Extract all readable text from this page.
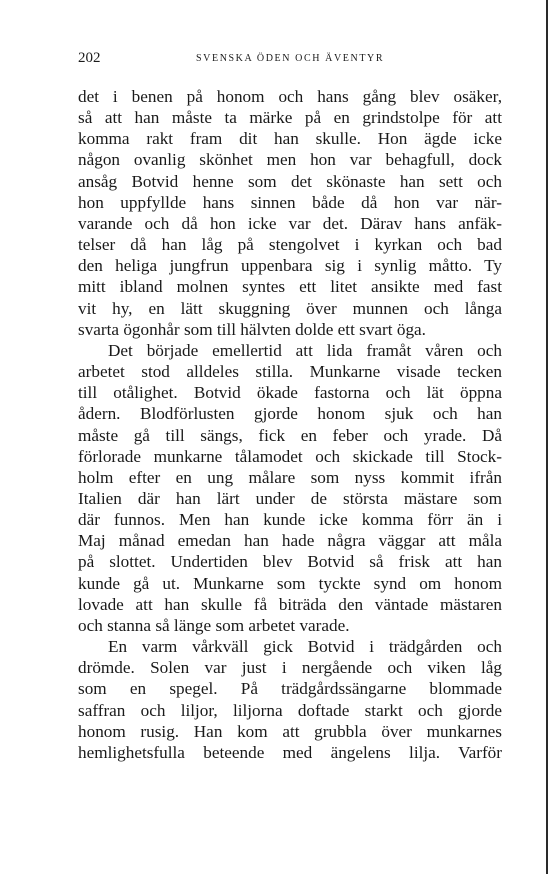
202	SVENSKA ÖDEN OCH ÄVENTYR

det i benen på honom och hans gång blev osäker,

så att han måste ta märke på en grindstolpe för att

komma rakt fram dit han skulle. Hon ägde icke

någon ovanlig skönhet men hon var behagfull, dock

ansåg Botvid henne som det skönaste han sett och

hon uppfyllde hans sinnen både då hon var när-

varande och då hon icke var det. Därav hans anfäk-

telser då han låg på stengolvet i kyrkan och bad

den heliga jungfrun uppenbara sig i synlig måtto. Ty

mitt ibland molnen syntes ett litet ansikte med fast

vit hy, en lätt skuggning över munnen och långa

svarta ögonhår som till hälvten dolde ett svart öga.

Det började emellertid att lida framåt våren och

arbetet stod alldeles stilla. Munkarne visade tecken

till otålighet. Botvid ökade fastorna och lät öppna

ådern. Blodförlusten gjorde honom sjuk och han

måste gå till sängs, fick en feber och yrade. Då

förlorade munkarne tålamodet och skickade till Stock-

holm efter en ung målare som nyss kommit ifrån

Italien där han lärt under de största mästare som

där funnos. Men han kunde icke komma förr än i

Maj månad emedan han hade några väggar att måla

på slottet. Undertiden blev Botvid så frisk att han

kunde gå ut. Munkarne som tyckte synd om honom

lovade att han skulle få biträda den väntade mästaren

och stanna så länge som arbetet varade.

En varm vårkväll gick Botvid i trädgården och

drömde. Solen var just i nergående och viken låg

som en spegel. På trädgårdssängarne blommade

saffran och liljor, liljorna doftade starkt och gjorde

honom rusig. Han kom att grubbla över munkarnes

hemlighetsfulla beteende med ängelens lilja. Varför
